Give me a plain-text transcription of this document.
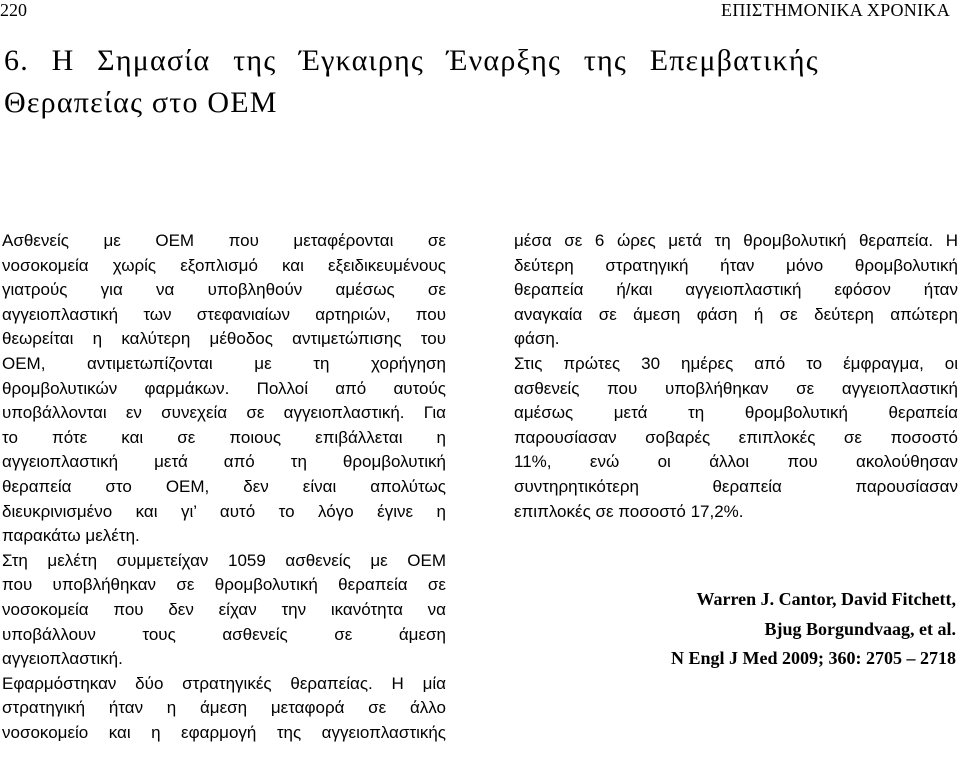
220	ΕΠΙΣΤΗΜΟΝΙΚΑ ΧΡΟΝΙΚΑ
6. Η Σημασία της Έγκαιρης Έναρξης της Επεμβατικής
Θεραπείας στο ΟΕΜ

Ασθενείς με ΟΕΜ που μεταφέρονται σε
νοσοκομεία χωρίς εξοπλισμό και εξειδικευμένους
γιατρούς για να υποβληθούν αμέσως σε
αγγειοπλαστική των στεφανιαίων αρτηριών, που
θεωρείται η καλύτερη μέθοδος αντιμετώπισης του
ΟΕΜ, αντιμετωπίζονται με τη χορήγηση
θρομβολυτικών φαρμάκων. Πολλοί από αυτούς
υποβάλλονται εν συνεχεία σε αγγειοπλαστική. Για
το πότε και σε ποιους επιβάλλεται η
αγγειοπλαστική μετά από τη θρομβολυτική
θεραπεία στο ΟΕΜ, δεν είναι απολύτως
διευκρινισμένο και γι’ αυτό το λόγο έγινε η
παρακάτω μελέτη.

Στη μελέτη συμμετείχαν 1059 ασθενείς με ΟΕΜ
που υποβλήθηκαν σε θρομβολυτική θεραπεία σε
νοσοκομεία που δεν είχαν την ικανότητα να
υποβάλλουν τους ασθενείς σε άμεση
αγγειοπλαστική.

Εφαρμόστηκαν δύο στρατηγικές θεραπείας. Η μία
στρατηγική ήταν η άμεση μεταφορά σε άλλο
νοσοκομείο και η εφαρμογή της αγγειοπλαστικής

μέσα σε 6 ώρες μετά τη θρομβολυτική θεραπεία. Η
δεύτερη στρατηγική ήταν μόνο θρομβολυτική
θεραπεία ή/και αγγειοπλαστική εφόσον ήταν
αναγκαία σε άμεση φάση ή σε δεύτερη απώτερη
φάση.

Στις πρώτες 30 ημέρες από το έμφραγμα, οι
ασθενείς που υποβλήθηκαν σε αγγειοπλαστική
αμέσως μετά τη θρομβολυτική θεραπεία
παρουσίασαν σοβαρές επιπλοκές σε ποσοστό
11%, ενώ οι άλλοι που ακολούθησαν
συντηρητικότερη θεραπεία παρουσίασαν
επιπλοκές σε ποσοστό 17,2%.

Warren J. Cantor, David Fitchett,
Bjug Borgundvaag, et al.
N Engl J Med 2009; 360: 2705 – 2718
